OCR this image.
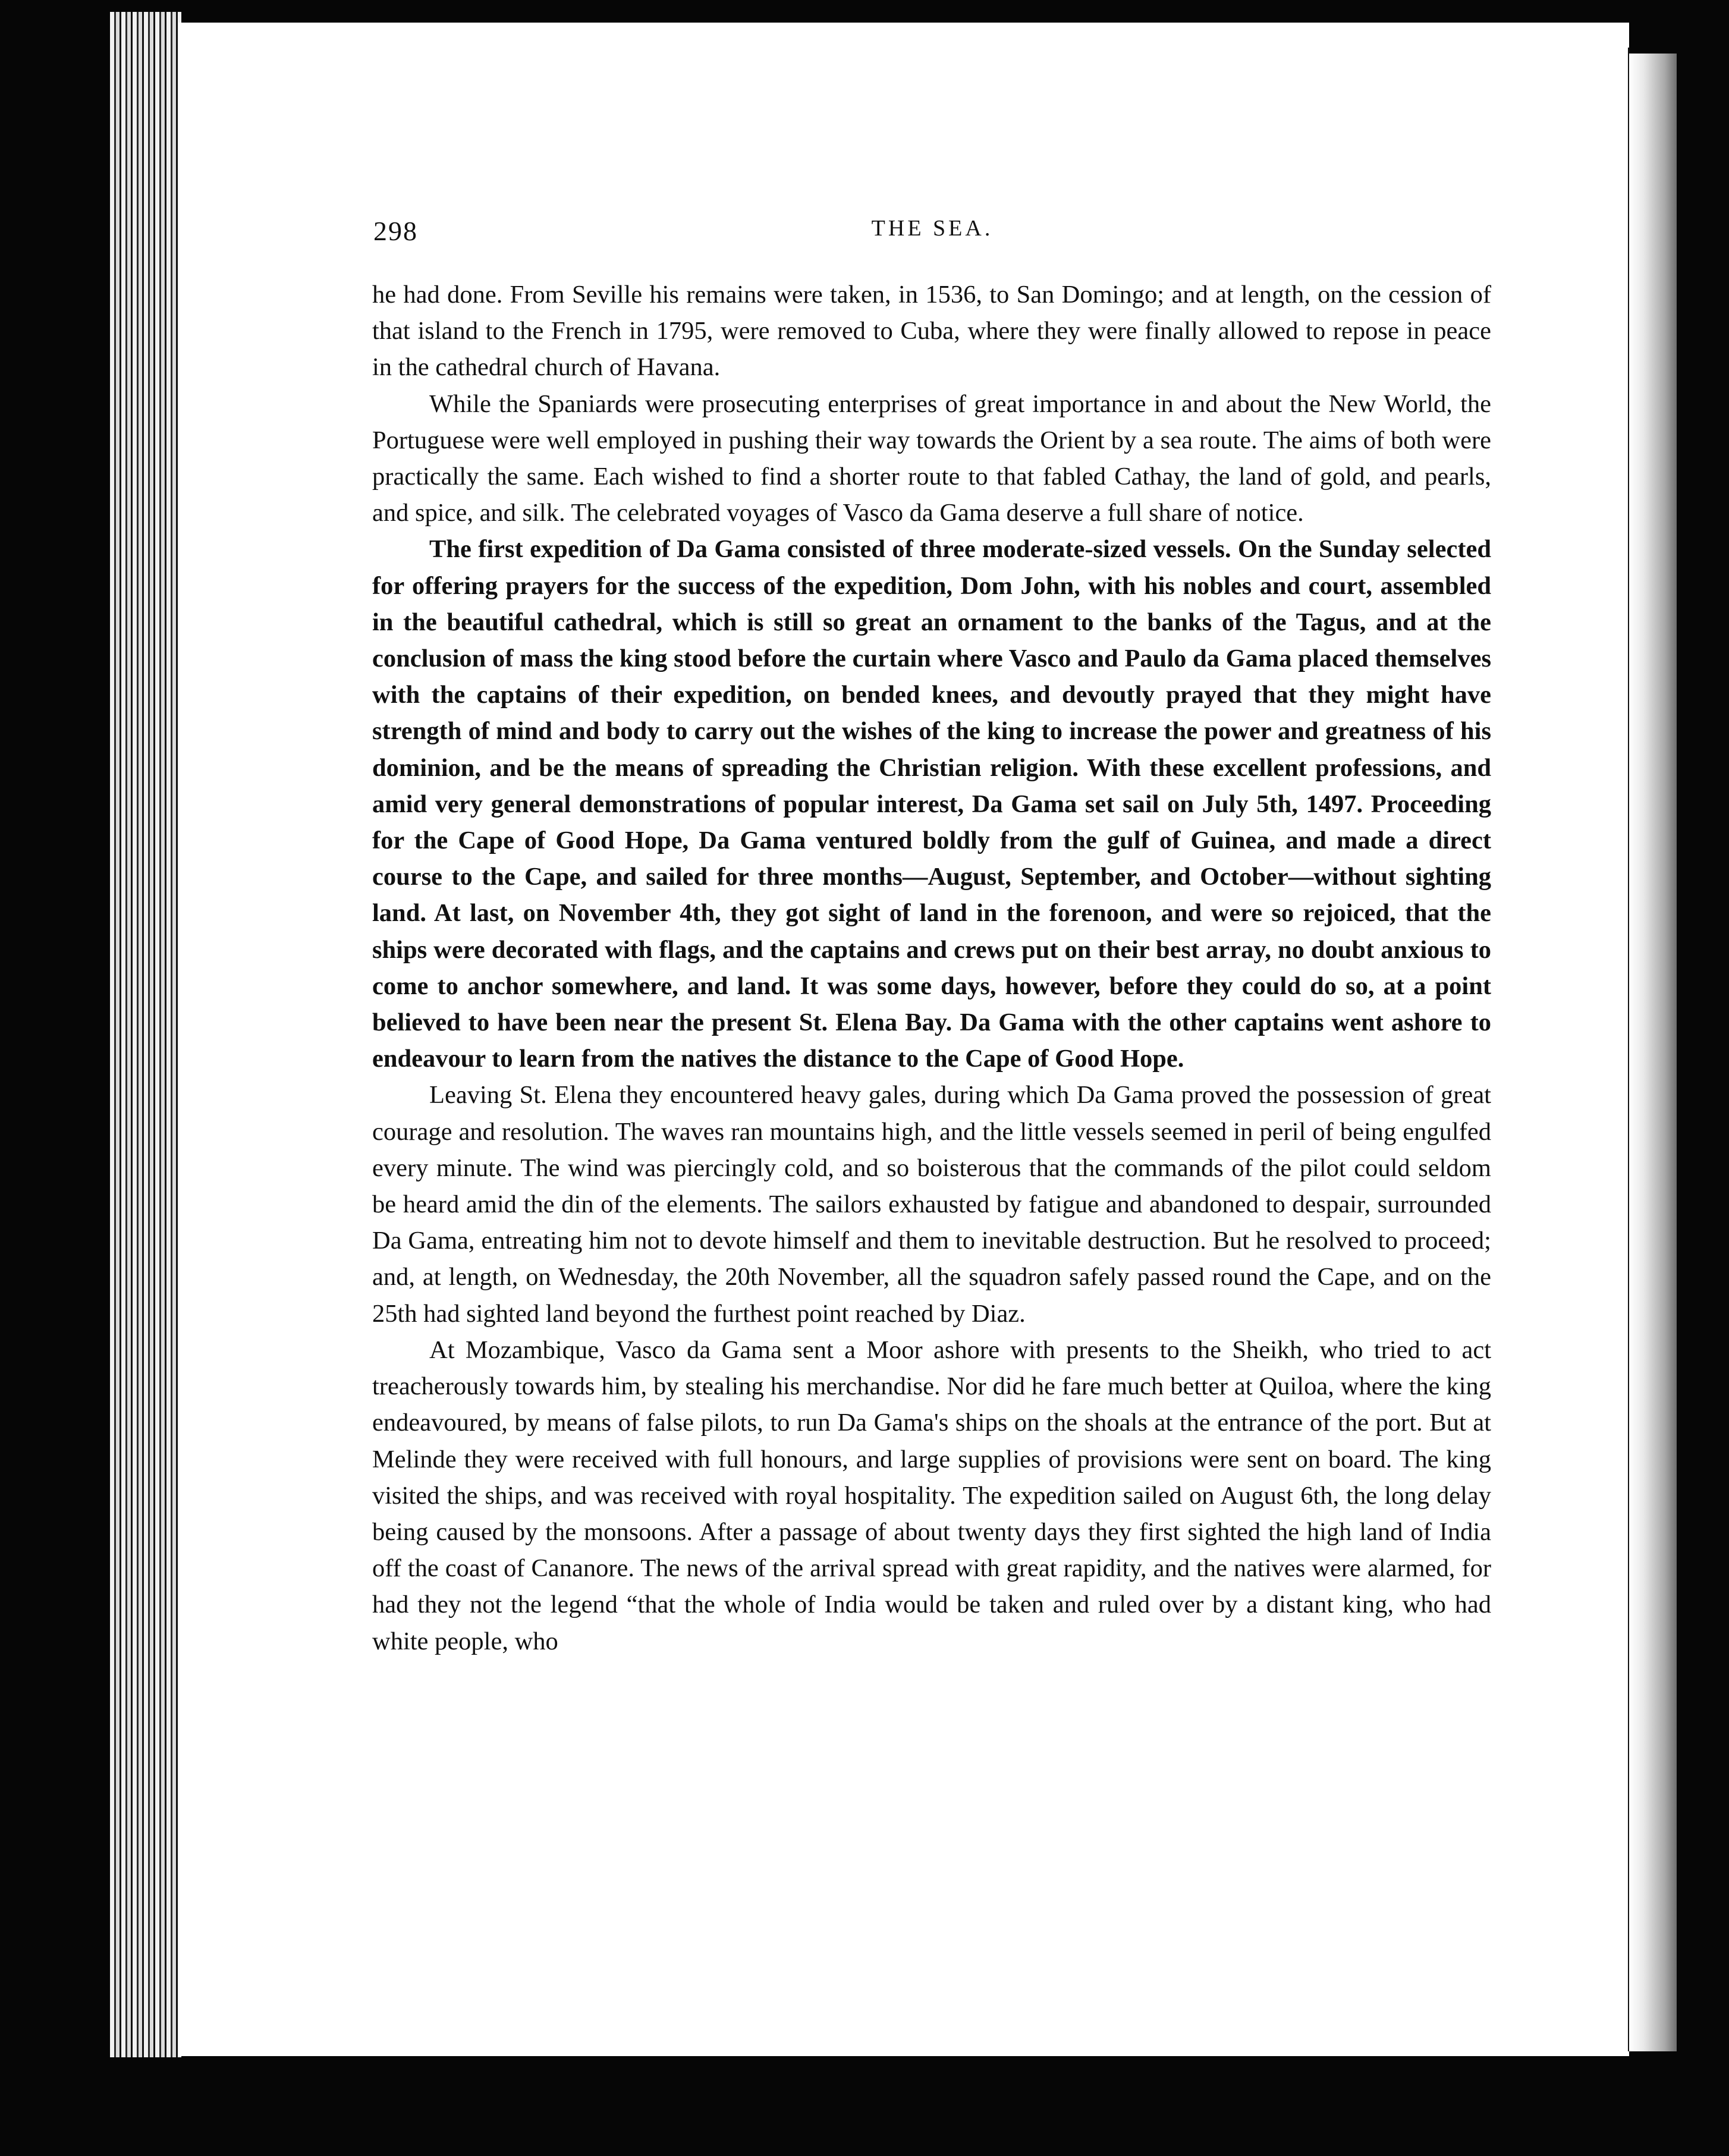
298	THE SEA.

he had done. From Seville his remains were taken, in 1536, to San Domingo; and at length, on the cession of that island to the French in 1795, were removed to Cuba, where they were finally allowed to repose in peace in the cathedral church of Havana.

While the Spaniards were prosecuting enterprises of great importance in and about the New World, the Portuguese were well employed in pushing their way towards the Orient by a sea route. The aims of both were practically the same. Each wished to find a shorter route to that fabled Cathay, the land of gold, and pearls, and spice, and silk. The celebrated voyages of Vasco da Gama deserve a full share of notice.

The first expedition of Da Gama consisted of three moderate-sized vessels. On the Sunday selected for offering prayers for the success of the expedition, Dom John, with his nobles and court, assembled in the beautiful cathedral, which is still so great an ornament to the banks of the Tagus, and at the conclusion of mass the king stood before the curtain where Vasco and Paulo da Gama placed themselves with the captains of their expedition, on bended knees, and devoutly prayed that they might have strength of mind and body to carry out the wishes of the king to increase the power and greatness of his dominion, and be the means of spreading the Christian religion. With these excellent professions, and amid very general demonstrations of popular interest, Da Gama set sail on July 5th, 1497. Proceeding for the Cape of Good Hope, Da Gama ventured boldly from the gulf of Guinea, and made a direct course to the Cape, and sailed for three months—August, September, and October—without sighting land. At last, on November 4th, they got sight of land in the forenoon, and were so rejoiced, that the ships were decorated with flags, and the captains and crews put on their best array, no doubt anxious to come to anchor somewhere, and land. It was some days, however, before they could do so, at a point believed to have been near the present St. Elena Bay. Da Gama with the other captains went ashore to endeavour to learn from the natives the distance to the Cape of Good Hope.

Leaving St. Elena they encountered heavy gales, during which Da Gama proved the possession of great courage and resolution. The waves ran mountains high, and the little vessels seemed in peril of being engulfed every minute. The wind was piercingly cold, and so boisterous that the commands of the pilot could seldom be heard amid the din of the elements. The sailors exhausted by fatigue and abandoned to despair, surrounded Da Gama, entreating him not to devote himself and them to inevitable destruction. But he resolved to proceed; and, at length, on Wednesday, the 20th November, all the squadron safely passed round the Cape, and on the 25th had sighted land beyond the furthest point reached by Diaz.

At Mozambique, Vasco da Gama sent a Moor ashore with presents to the Sheikh, who tried to act treacherously towards him, by stealing his merchandise. Nor did he fare much better at Quiloa, where the king endeavoured, by means of false pilots, to run Da Gama's ships on the shoals at the entrance of the port. But at Melinde they were received with full honours, and large supplies of provisions were sent on board. The king visited the ships, and was received with royal hospitality. The expedition sailed on August 6th, the long delay being caused by the monsoons. After a passage of about twenty days they first sighted the high land of India off the coast of Cananore. The news of the arrival spread with great rapidity, and the natives were alarmed, for had they not the legend “that the whole of India would be taken and ruled over by a distant king, who had white people, who
